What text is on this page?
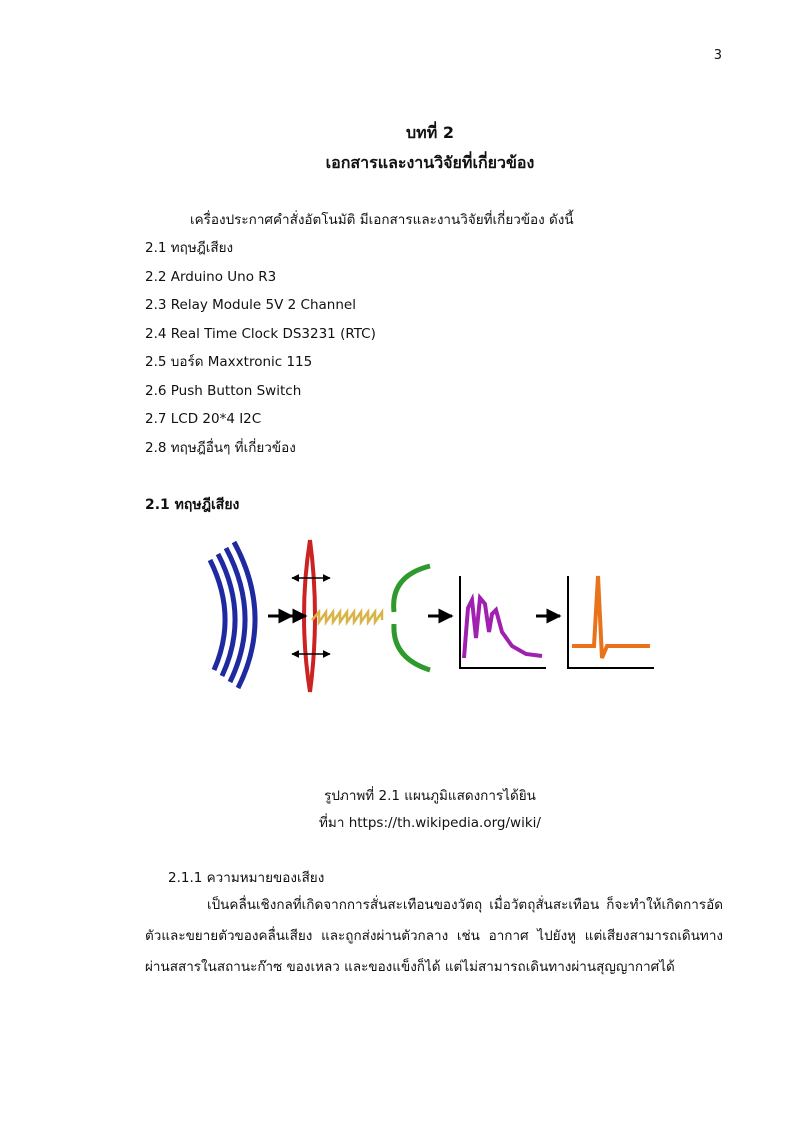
3
บทที่ 2
เอกสารและงานวิจัยที่เกี่ยวข้อง
เครื่องประกาศคำสั่งอัตโนมัติ มีเอกสารและงานวิจัยที่เกี่ยวข้อง ดังนี้
2.1 ทฤษฎีเสียง
2.2 Arduino Uno R3
2.3 Relay Module 5V 2 Channel
2.4 Real Time Clock DS3231 (RTC)
2.5 บอร์ด Maxxtronic 115
2.6 Push Button Switch
2.7 LCD 20*4 I2C
2.8 ทฤษฎีอื่นๆ ที่เกี่ยวข้อง
2.1 ทฤษฎีเสียง
รูปภาพที่ 2.1 แผนภูมิแสดงการได้ยิน
ที่มา https://th.wikipedia.org/wiki/
2.1.1 ความหมายของเสียง

เป็นคลื่นเชิงกลที่เกิดจากการสั่นสะเทือนของวัตถุ เมื่อวัตถุสั่นสะเทือน ก็จะทำให้เกิดการอัดตัวและขยายตัวของคลื่นเสียง และถูกส่งผ่านตัวกลาง เช่น อากาศ ไปยังหู แต่เสียงสามารถเดินทางผ่านสสารในสถานะก๊าซ ของเหลว และของแข็งก็ได้ แต่ไม่สามารถเดินทางผ่านสุญญากาศได้
